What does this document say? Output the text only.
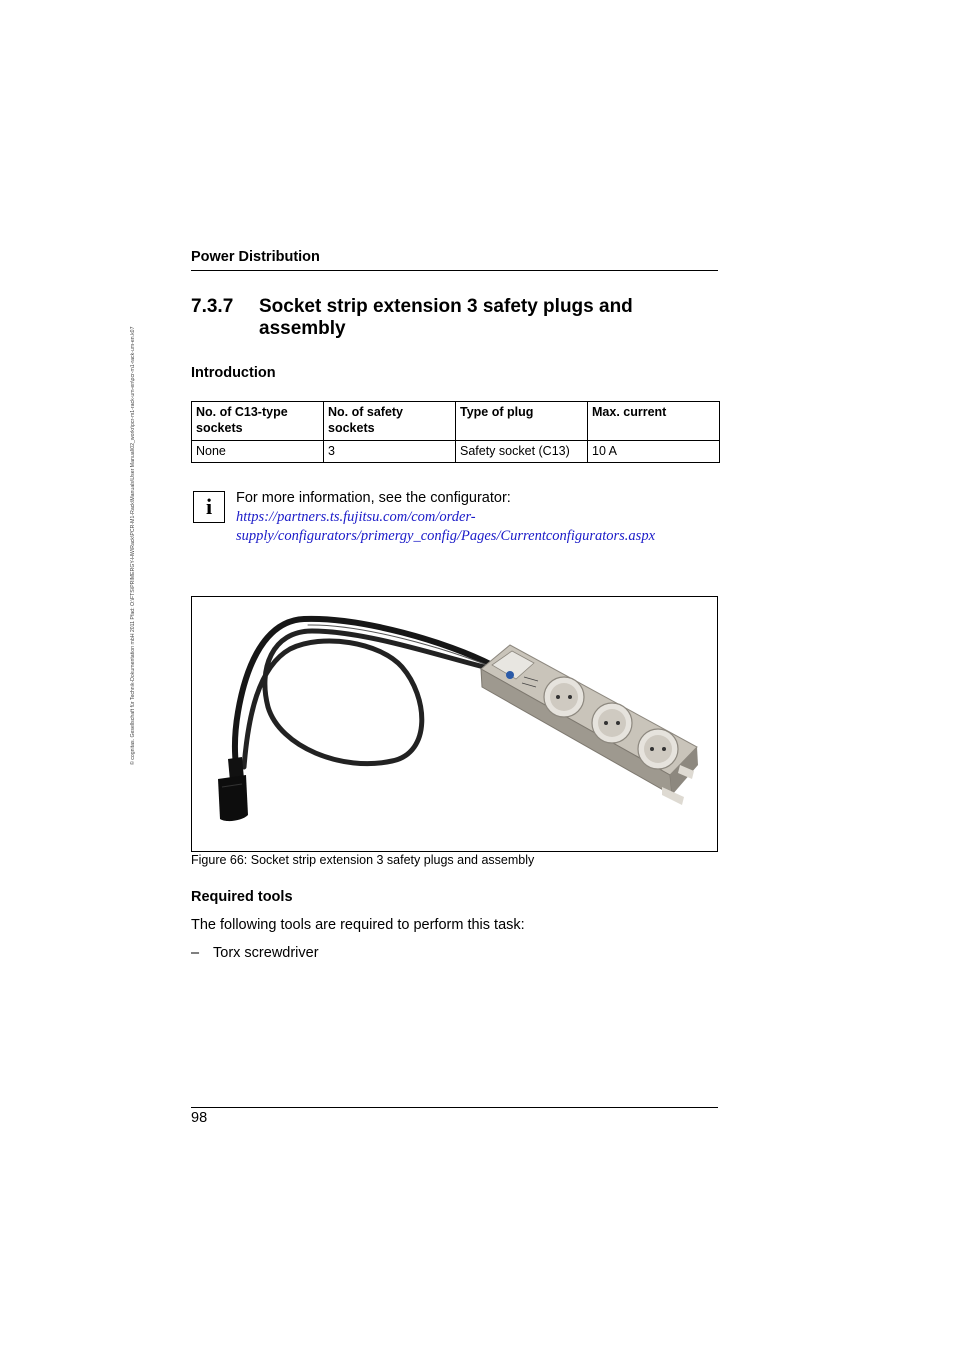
© cognitas. Gesellschaft für Technik-Dokumentation mbH 2011 Pfad: O:\FTS\PRIMERGY-HW\Rack\PCR-M1-Rack\Manuals\User Manual\02_workr\pcr-m1-rack-um-en\pcr-m1-rack-um-en.k07
Power Distribution
7.3.7 Socket strip extension 3 safety plugs and assembly
Introduction
No. of C13-type sockets	No. of safety sockets	Type of plug	Max. current
None	3	Safety socket (C13)	10 A
i	For more information, see the configurator:
https://partners.ts.fujitsu.com/com/order-
supply/configurators/primergy_config/Pages/Currentconfigurators.aspx
Figure 66: Socket strip extension 3 safety plugs and assembly
Required tools
The following tools are required to perform this task:
– Torx screwdriver
98
